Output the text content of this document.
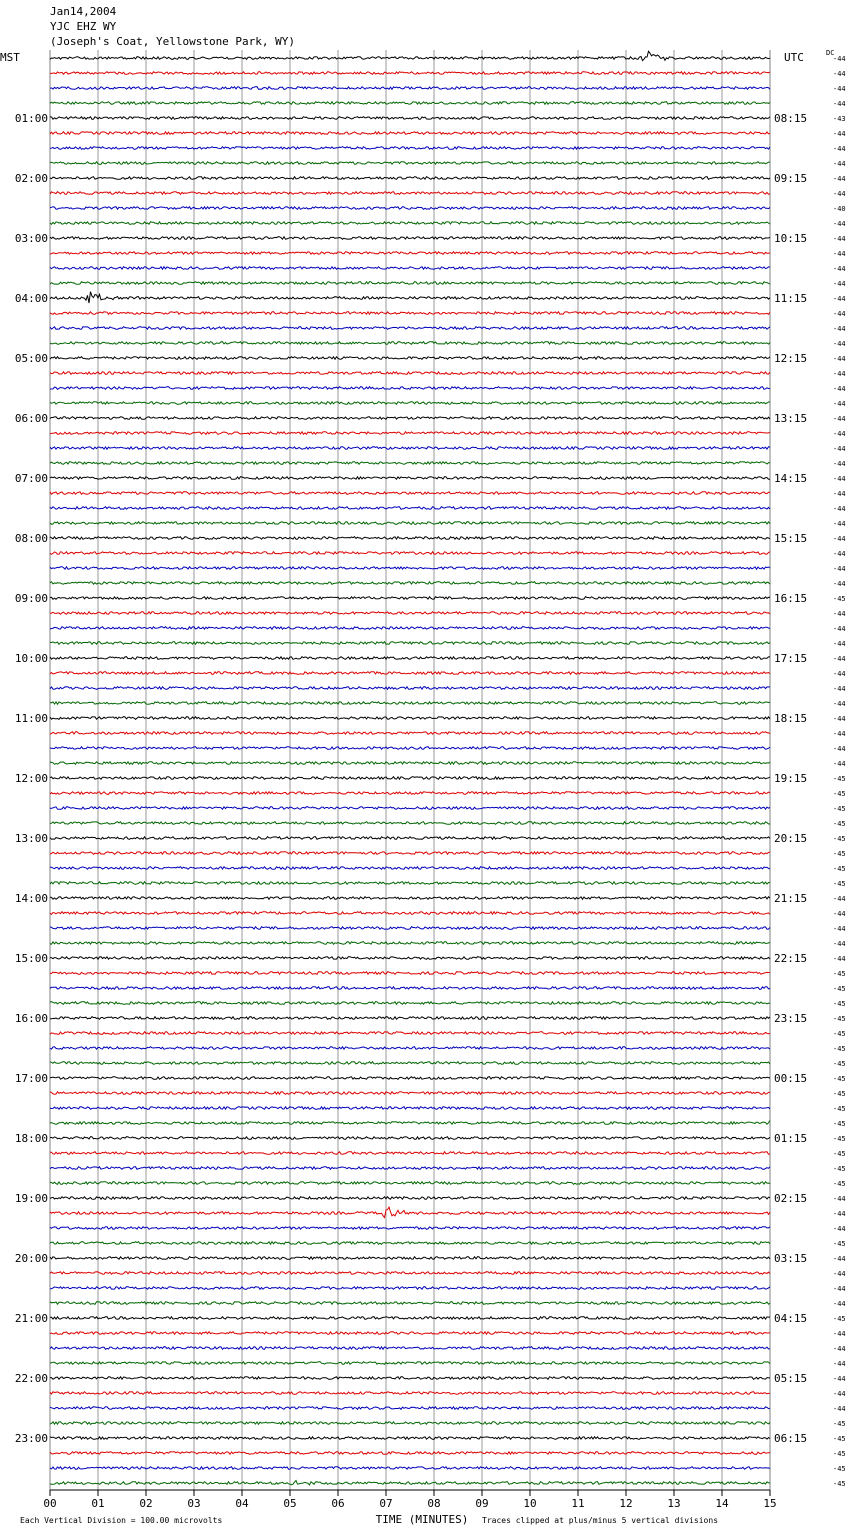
Jan14,2004
YJC EHZ WY
(Joseph's Coat, Yellowstone Park, WY)
-44
-44
-44
-44
-43
-44
-44
-44
-44
-44
-40
-44
-44
-44
-44
-44
-44
-44
-44
-44
-44
-44
-44
-44
-44
-44
-44
-44
-44
-44
-44
-44
-44
-44
-44
-44
-45
-44
-44
-44
-44
-44
-44
-44
-44
-44
-44
-44
-45
-45
-45
-45
-45
-45
-45
-45
-44
-44
-44
-44
-44
-45
-45
-45
-45
-45
-45
-45
-45
-45
-45
-45
-45
-45
-45
-45
-44
-44
-44
-45
-44
-44
-44
-44
-45
-44
-44
-44
-44
-44
-44
-45
-45
-45
-45
-45
MST	UTC	DC
01:00
02:00
03:00
04:00
05:00
06:00
07:00
08:00
09:00
10:00
11:00
12:00
13:00
14:00
15:00
16:00
17:00
18:00
19:00
20:00
21:00
22:00
23:00
08:15
09:15
10:15
11:15
12:15
13:15
14:15
15:15
16:15
17:15
18:15
19:15
20:15
21:15
22:15
23:15
00:15
01:15
02:15
03:15
04:15
05:15
06:15
00	01	02	03	04	05	06	07	08	09	10	11	12	13	14	15
TIME (MINUTES)
Each Vertical Division = 100.00 microvolts	Traces clipped at plus/minus 5 vertical divisions
